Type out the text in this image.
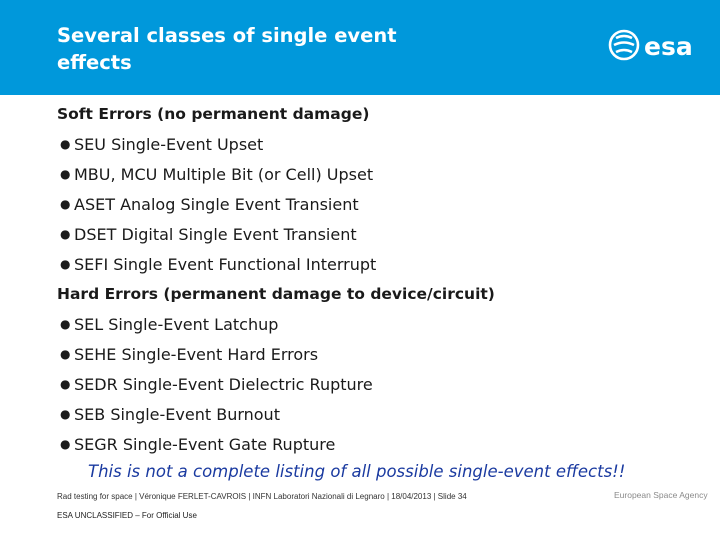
Several classes of single event effects
esa
Soft Errors (no permanent damage)
● SEU Single-Event Upset
● MBU, MCU Multiple Bit (or Cell) Upset
● ASET Analog Single Event Transient
● DSET Digital Single Event Transient
● SEFI Single Event Functional Interrupt
Hard Errors (permanent damage to device/circuit)
● SEL Single-Event Latchup
● SEHE Single-Event Hard Errors
● SEDR Single-Event Dielectric Rupture
● SEB Single-Event Burnout
● SEGR Single-Event Gate Rupture
This is not a complete listing of all possible single-event effects!!
Rad testing for space | Véronique FERLET-CAVROIS | INFN Laboratori Nazionali di Legnaro | 18/04/2013 | Slide 34	European Space Agency
ESA UNCLASSIFIED – For Official Use
